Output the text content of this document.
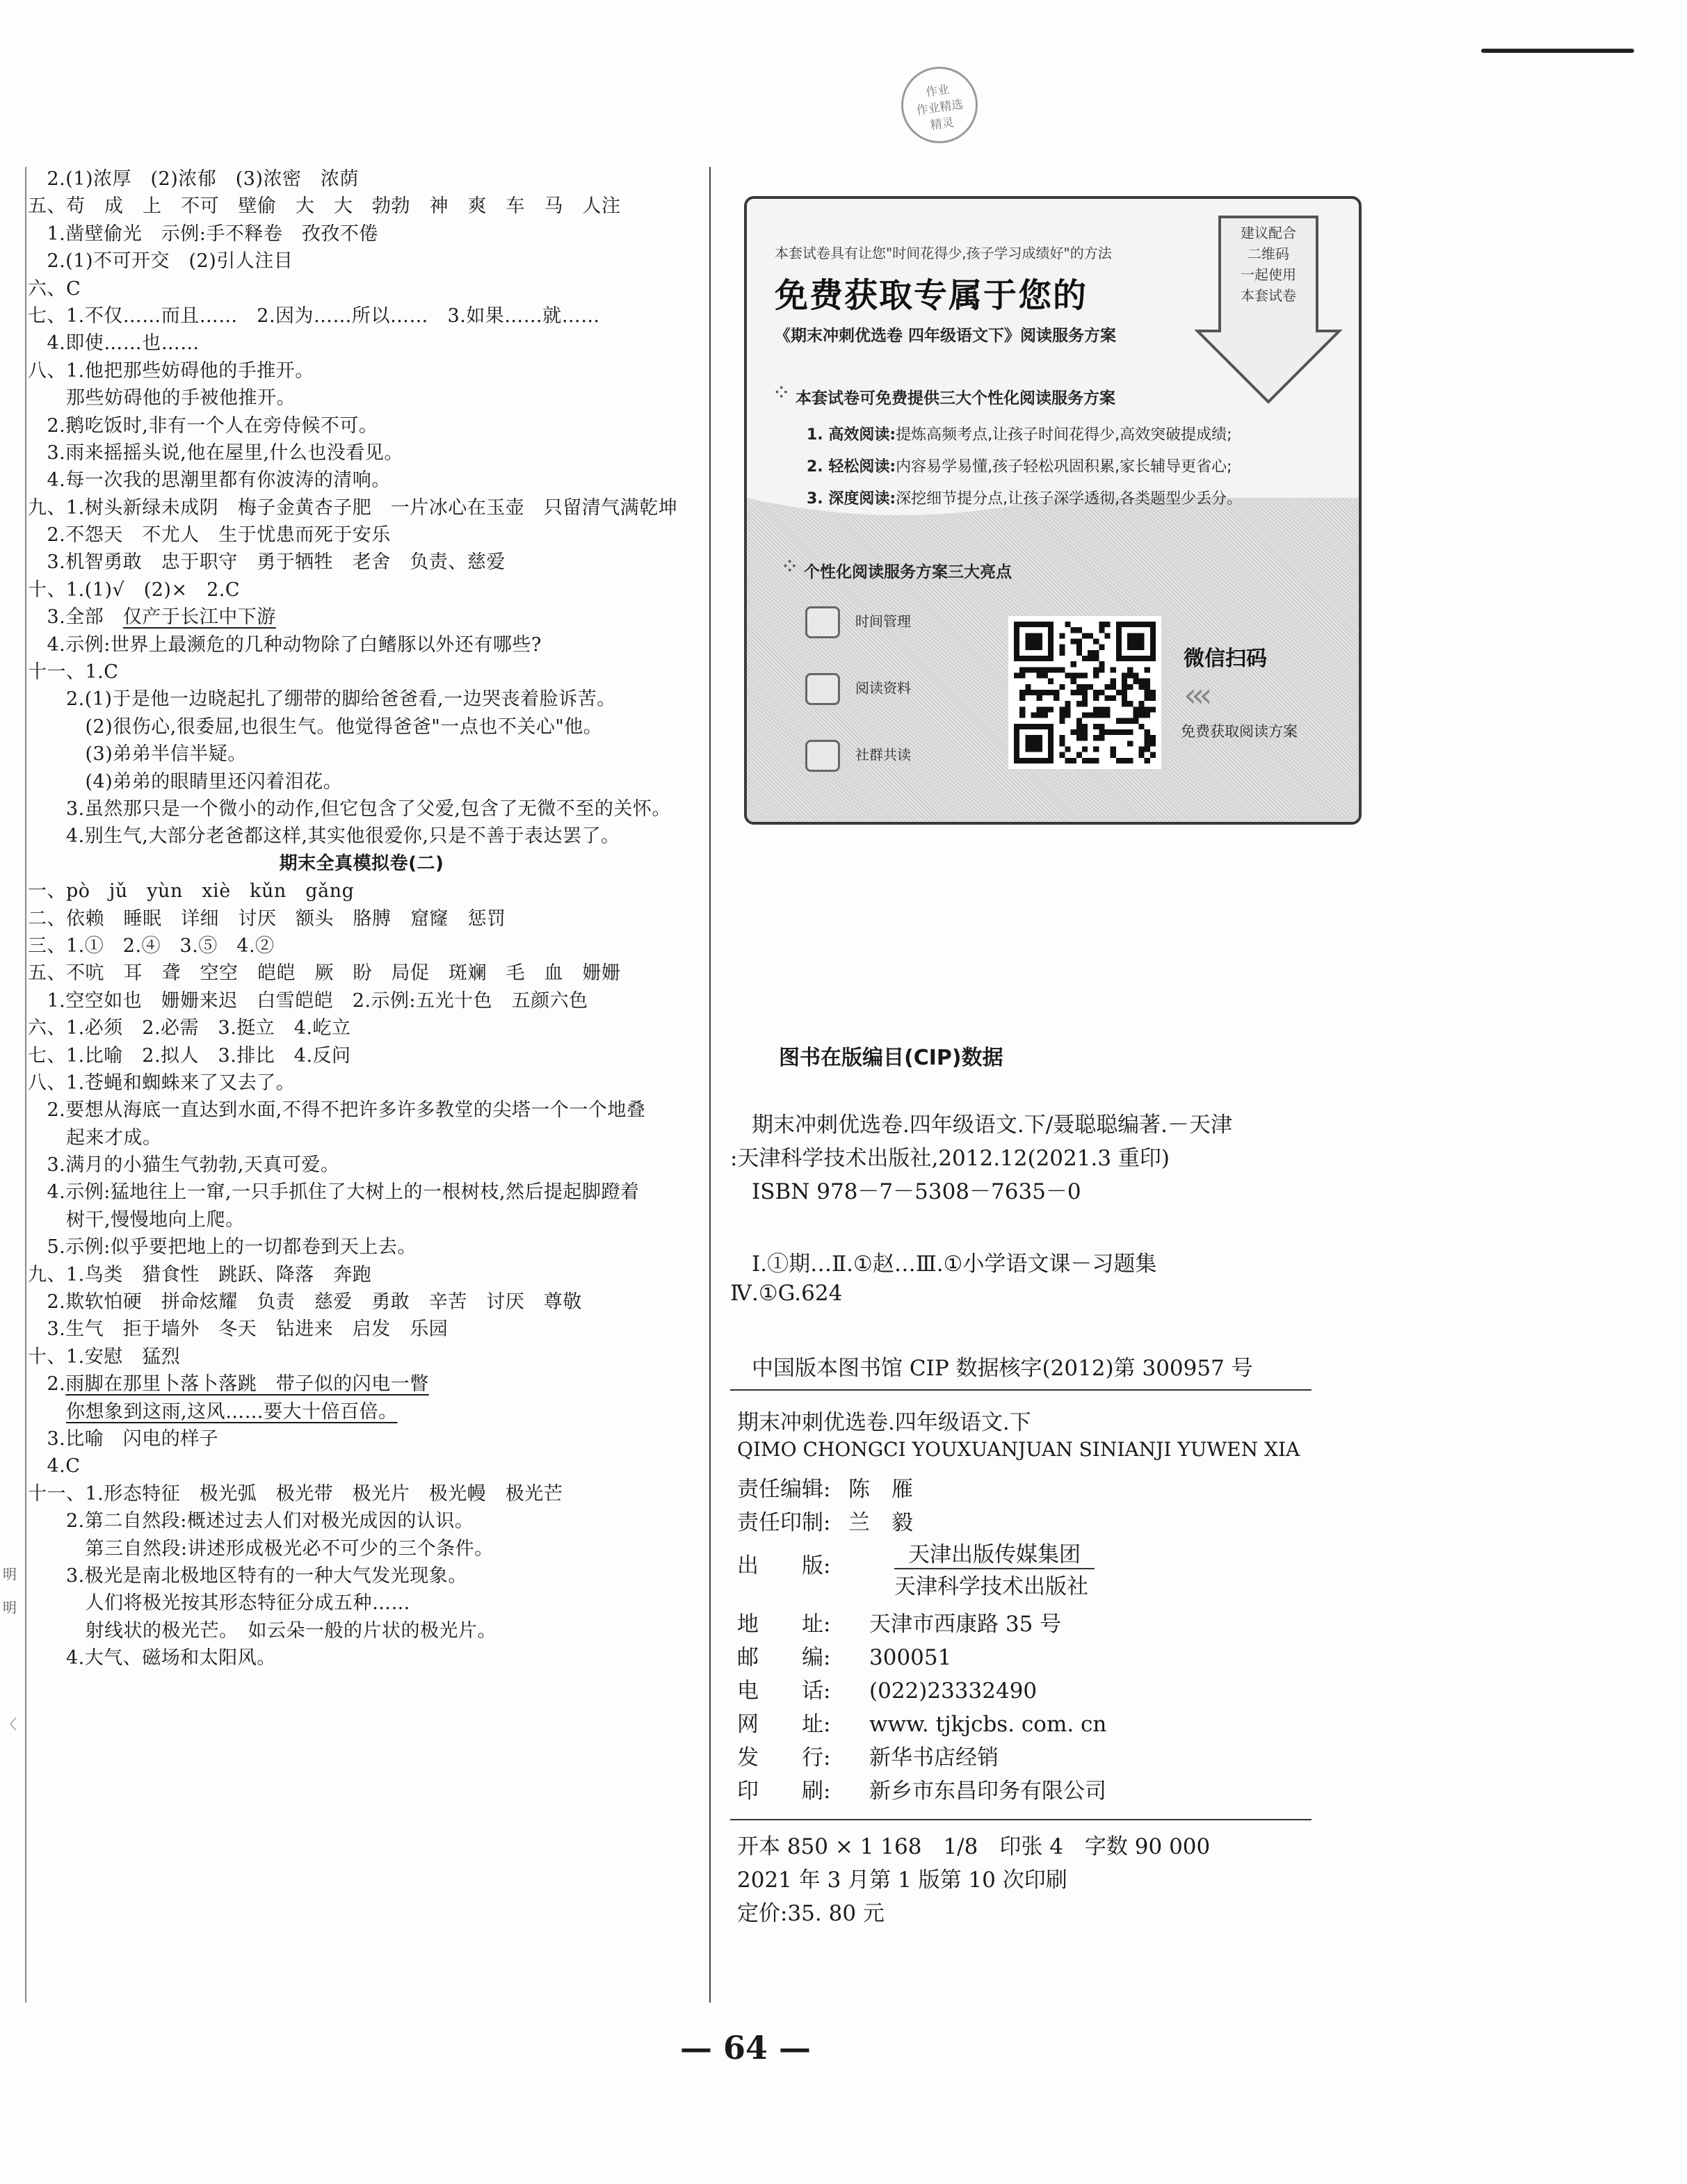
作业
作业精选
精灵
明
明
〈
　2.(1)浓厚　(2)浓郁　(3)浓密　浓荫
五、苟　成　上　不可　壁偷　大　大　勃勃　神　爽　车　马　人注
　1.凿壁偷光　示例:手不释卷　孜孜不倦
　2.(1)不可开交　(2)引人注目
六、C
七、1.不仅……而且……　2.因为……所以……　3.如果……就……
　4.即使……也……
八、1.他把那些妨碍他的手推开。
　　那些妨碍他的手被他推开。
　2.鹅吃饭时,非有一个人在旁侍候不可。
　3.雨来摇摇头说,他在屋里,什么也没看见。
　4.每一次我的思潮里都有你波涛的清响。
九、1.树头新绿未成阴　梅子金黄杏子肥　一片冰心在玉壶　只留清气满乾坤
　2.不怨天　不尤人　生于忧患而死于安乐
　3.机智勇敢　忠于职守　勇于牺牲　老舍　负责、慈爱
十、1.(1)√　(2)×　2.C
　3.全部　仅产于长江中下游
　4.示例:世界上最濒危的几种动物除了白鳍豚以外还有哪些?
十一、1.C
　　2.(1)于是他一边晓起扎了绷带的脚给爸爸看,一边哭丧着脸诉苦。
　　　(2)很伤心,很委屈,也很生气。他觉得爸爸"一点也不关心"他。
　　　(3)弟弟半信半疑。
　　　(4)弟弟的眼睛里还闪着泪花。
　　3.虽然那只是一个微小的动作,但它包含了父爱,包含了无微不至的关怀。
　　4.别生气,大部分老爸都这样,其实他很爱你,只是不善于表达罢了。
期末全真模拟卷(二)
一、pò　jǔ　yùn　xiè　kǔn　gǎng
二、依赖　睡眠　详细　讨厌　额头　胳膊　窟窿　惩罚
三、1.①　2.④　3.⑤　4.②
五、不吭　耳　聋　空空　皑皑　厥　盼　局促　斑斓　毛　血　姗姗
　1.空空如也　姗姗来迟　白雪皑皑　2.示例:五光十色　五颜六色
六、1.必须　2.必需　3.挺立　4.屹立
七、1.比喻　2.拟人　3.排比　4.反问
八、1.苍蝇和蜘蛛来了又去了。
　2.要想从海底一直达到水面,不得不把许多许多教堂的尖塔一个一个地叠
　　起来才成。
　3.满月的小猫生气勃勃,天真可爱。
　4.示例:猛地往上一窜,一只手抓住了大树上的一根树枝,然后提起脚蹬着
　　树干,慢慢地向上爬。
　5.示例:似乎要把地上的一切都卷到天上去。
九、1.鸟类　猎食性　跳跃、降落　奔跑
　2.欺软怕硬　拼命炫耀　负责　慈爱　勇敢　辛苦　讨厌　尊敬
　3.生气　拒于墙外　冬天　钻进来　启发　乐园
十、1.安慰　猛烈
　2.雨脚在那里卜落卜落跳　带子似的闪电一瞥
　　你想象到这雨,这风……要大十倍百倍。
　3.比喻　闪电的样子
　4.C
十一、1.形态特征　极光弧　极光带　极光片　极光幔　极光芒
　　2.第二自然段:概述过去人们对极光成因的认识。
　　　第三自然段:讲述形成极光必不可少的三个条件。
　　3.极光是南北极地区特有的一种大气发光现象。
　　　人们将极光按其形态特征分成五种……
　　　射线状的极光芒。　如云朵一般的片状的极光片。
　　4.大气、磁场和太阳风。
本套试卷具有让您"时间花得少,孩子学习成绩好"的方法
免费获取专属于您的
《期末冲刺优选卷 四年级语文下》阅读服务方案
建议配合
二维码
一起使用
本套试卷
⁘ 本套试卷可免费提供三大个性化阅读服务方案
1. 高效阅读:提炼高频考点,让孩子时间花得少,高效突破提成绩;
2. 轻松阅读:内容易学易懂,孩子轻松巩固积累,家长辅导更省心;
3. 深度阅读:深挖细节提分点,让孩子深学透彻,各类题型少丢分。
⁘ 个性化阅读服务方案三大亮点
时间管理
阅读资料
社群共读
微信扫码
‹‹‹
免费获取阅读方案
图书在版编目(CIP)数据
　期末冲刺优选卷.四年级语文.下/聂聪聪编著.－天津
:天津科学技术出版社,2012.12(2021.3 重印)
　ISBN 978－7－5308－7635－0
　Ⅰ.①期…Ⅱ.①赵…Ⅲ.①小学语文课－习题集
Ⅳ.①G.624
　中国版本图书馆 CIP 数据核字(2012)第 300957 号
期末冲刺优选卷.四年级语文.下
QIMO CHONGCI YOUXUANJUAN SINIANJI YUWEN XIA
责任编辑: 陈　雁
责任印制: 兰　毅
出　　版:	天津出版传媒集团
天津科学技术出版社
地　　址: 天津市西康路 35 号
邮　　编: 300051
电　　话: (022)23332490
网　　址: www. tjkjcbs. com. cn
发　　行: 新华书店经销
印　　刷: 新乡市东昌印务有限公司
开本 850 × 1 168　1/8　印张 4　字数 90 000
2021 年 3 月第 1 版第 10 次印刷
定价:35. 80 元
— 64 —
